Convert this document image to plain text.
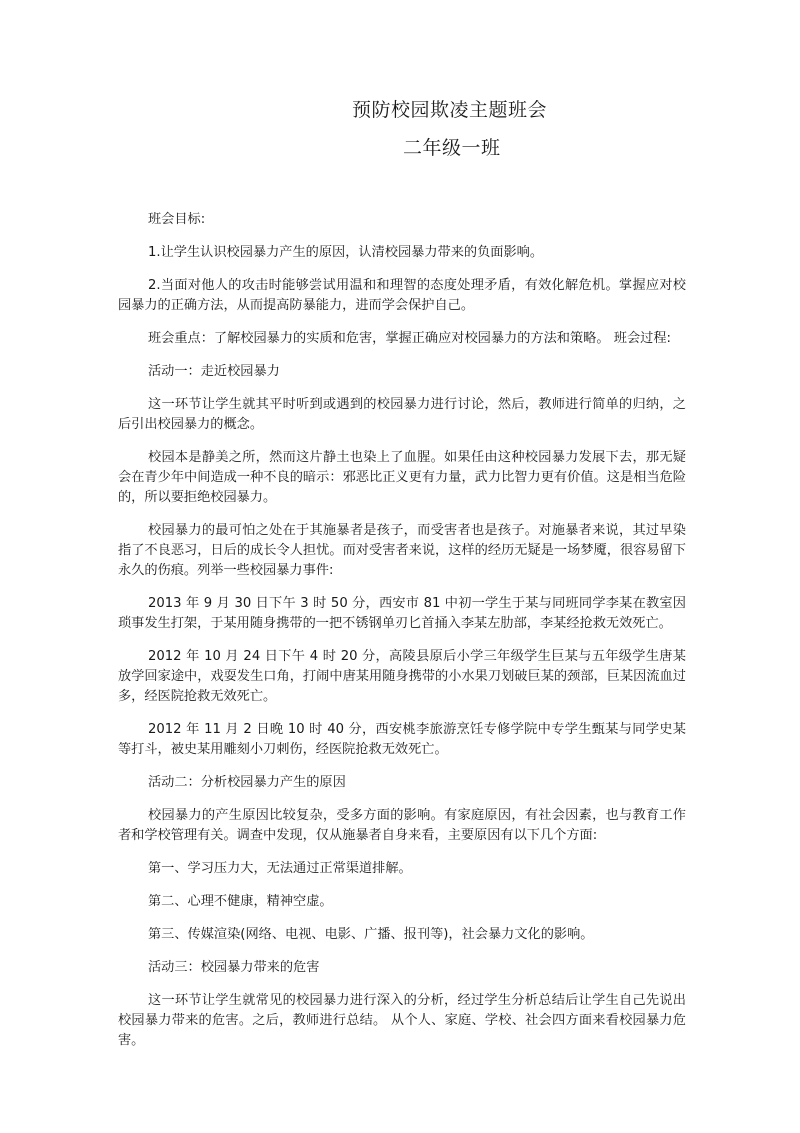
预防校园欺凌主题班会
二年级一班

班会目标:

1.让学生认识校园暴力产生的原因，认清校园暴力带来的负面影响。

2.当面对他人的攻击时能够尝试用温和和理智的态度处理矛盾，有效化解危机。掌握应对校园暴力的正确方法，从而提高防暴能力，进而学会保护自己。

班会重点：了解校园暴力的实质和危害，掌握正确应对校园暴力的方法和策略。 班会过程:

活动一：走近校园暴力

这一环节让学生就其平时听到或遇到的校园暴力进行讨论，然后，教师进行简单的归纳，之后引出校园暴力的概念。

校园本是静美之所，然而这片静土也染上了血腥。如果任由这种校园暴力发展下去，那无疑会在青少年中间造成一种不良的暗示：邪恶比正义更有力量，武力比智力更有价值。这是相当危险的，所以要拒绝校园暴力。

校园暴力的最可怕之处在于其施暴者是孩子，而受害者也是孩子。对施暴者来说，其过早染指了不良恶习，日后的成长令人担忧。而对受害者来说，这样的经历无疑是一场梦魇，很容易留下永久的伤痕。列举一些校园暴力事件:

2013 年 9 月 30 日下午 3 时 50 分，西安市 81 中初一学生于某与同班同学李某在教室因琐事发生打架，于某用随身携带的一把不锈钢单刃匕首捅入李某左肋部，李某经抢救无效死亡。

2012 年 10 月 24 日下午 4 时 20 分，高陵县原后小学三年级学生巨某与五年级学生唐某放学回家途中，戏耍发生口角，打闹中唐某用随身携带的小水果刀划破巨某的颈部，巨某因流血过多，经医院抢救无效死亡。

2012 年 11 月 2 日晚 10 时 40 分，西安桃李旅游烹饪专修学院中专学生甄某与同学史某等打斗，被史某用雕刻小刀刺伤，经医院抢救无效死亡。

活动二：分析校园暴力产生的原因

校园暴力的产生原因比较复杂，受多方面的影响。有家庭原因，有社会因素，也与教育工作者和学校管理有关。调查中发现，仅从施暴者自身来看，主要原因有以下几个方面:

第一、学习压力大，无法通过正常渠道排解。

第二、心理不健康，精神空虚。

第三、传媒渲染(网络、电视、电影、广播、报刊等)，社会暴力文化的影响。

活动三：校园暴力带来的危害

这一环节让学生就常见的校园暴力进行深入的分析，经过学生分析总结后让学生自己先说出校园暴力带来的危害。之后，教师进行总结。 从个人、家庭、学校、社会四方面来看校园暴力危害。
